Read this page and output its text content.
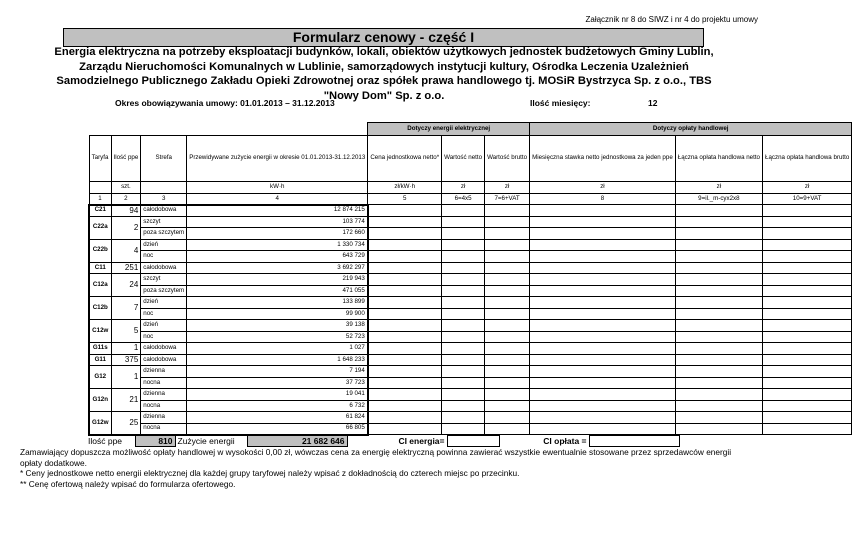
Załącznik nr 8 do SIWZ i nr 4 do projektu umowy
Formularz cenowy - część I
Energia elektryczna na potrzeby eksploatacji budynków, lokali, obiektów użytkowych jednostek budżetowych Gminy Lublin,
Zarządu Nieruchomości Komunalnych w Lublinie, samorządowych instytucji kultury, Ośrodka Leczenia Uzależnień
Samodzielnego Publicznego Zakładu Opieki Zdrowotnej oraz spółek prawa handlowego tj. MOSiR Bystrzyca Sp. z o.o., TBS
"Nowy Dom" Sp. z o.o.
Okres obowiązywania umowy: 01.01.2013 – 31.12.2013	Ilość miesięcy:	12
				Dotyczy energii elektrycznej			Dotyczy opłaty handlowej		
Taryfa	Ilość ppe	Strefa	Przewidywane zużycie energii w okresie 01.01.2013-31.12.2013	Cena jednostkowa netto*	Wartość netto	Wartość brutto	Miesięczna stawka netto jednostkowa za jeden ppe	Łączna opłata handlowa netto	Łączna opłata handlowa brutto
	szt.		kW·h	zł/kW·h	zł	zł	zł	zł	zł
1	2	3	4	5	6=4x5	7=6+VAT	8	9=il._m-cyx2x8	10=9+VAT
C21	94	całodobowa	12 874 215						
C22a	2	szczyt	103 774						
		poza szczytem	172 660						
C22b	4	dzień	1 330 734						
		noc	643 729						
C11	251	całodobowa	3 692 297						
C12a	24	szczyt	219 943						
		poza szczytem	471 055						
C12b	7	dzień	133 899						
		noc	99 900						
C12w	5	dzień	39 138						
		noc	52 723						
G11s	1	całodobowa	1 027						
G11	375	całodobowa	1 648 233						
G12	1	dzienna	7 194						
		nocna	37 723						
G12n	21	dzienna	19 041						
		nocna	6 732						
G12w	25	dzienna	61 824						
		nocna	66 805						
Ilość ppe	810	Zużycie energii	21 682 646	CI energia=		CI opłata =	
Zamawiający dopuszcza możliwość opłaty handlowej w wysokości 0,00 zł, wówczas cena za energię elektryczną powinna zawierać wszystkie ewentualnie stosowane przez sprzedawców energii opłaty dodatkowe.
* Ceny jednostkowe netto energii elektrycznej dla każdej grupy taryfowej należy wpisać z dokładnością do czterech miejsc po przecinku.
** Cenę ofertową należy wpisać do formularza ofertowego.
